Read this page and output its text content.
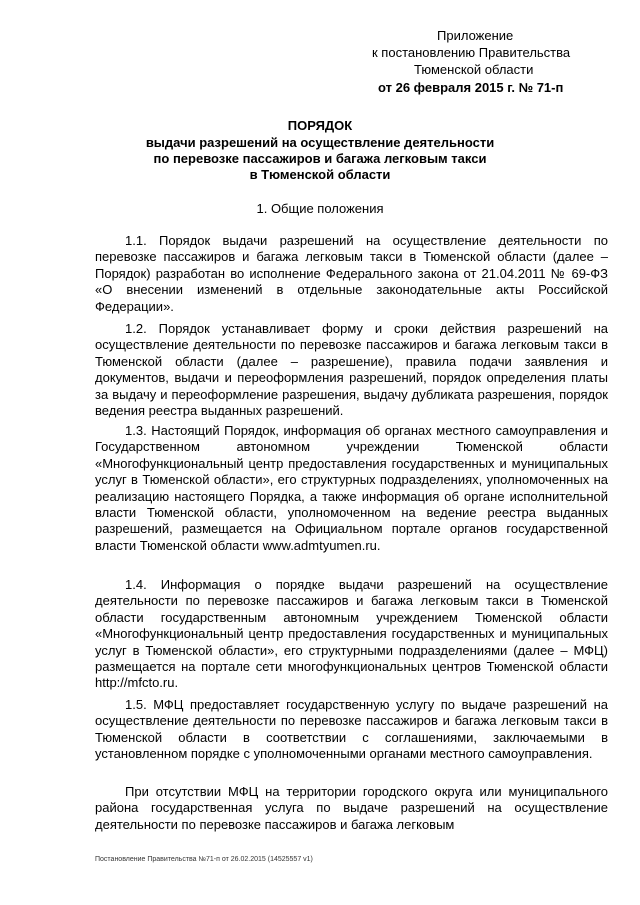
Приложение
к постановлению Правительства
Тюменской области
от 26 февраля 2015 г. № 71-п
ПОРЯДОК
выдачи разрешений на осуществление деятельности
по перевозке пассажиров и багажа легковым такси
в Тюменской области
1. Общие положения
1.1. Порядок выдачи разрешений на осуществление деятельности по перевозке пассажиров и багажа легковым такси в Тюменской области (далее – Порядок) разработан во исполнение Федерального закона от 21.04.2011 № 69-ФЗ «О внесении изменений в отдельные законодательные акты Российской Федерации».
1.2. Порядок устанавливает форму и сроки действия разрешений на осуществление деятельности по перевозке пассажиров и багажа легковым такси в Тюменской области (далее – разрешение), правила подачи заявления и документов, выдачи и переоформления разрешений, порядок определения платы за выдачу и переоформление разрешения, выдачу дубликата разрешения, порядок ведения реестра выданных разрешений.
1.3. Настоящий Порядок, информация об органах местного самоуправления и Государственном автономном учреждении Тюменской области «Многофункциональный центр предоставления государственных и муниципальных услуг в Тюменской области», его структурных подразделениях, уполномоченных на реализацию настоящего Порядка, а также информация об органе исполнительной власти Тюменской области, уполномоченном на ведение реестра выданных разрешений, размещается на Официальном портале органов государственной власти Тюменской области www.admtyumen.ru.
1.4. Информация о порядке выдачи разрешений на осуществление деятельности по перевозке пассажиров и багажа легковым такси в Тюменской области государственным автономным учреждением Тюменской области «Многофункциональный центр предоставления государственных и муниципальных услуг в Тюменской области», его структурными подразделениями (далее – МФЦ) размещается на портале сети многофункциональных центров Тюменской области http://mfcto.ru.
1.5. МФЦ предоставляет государственную услугу по выдаче разрешений на осуществление деятельности по перевозке пассажиров и багажа легковым такси в Тюменской области в соответствии с соглашениями, заключаемыми в установленном порядке с уполномоченными органами местного самоуправления.
При отсутствии МФЦ на территории городского округа или муниципального района государственная услуга по выдаче разрешений на осуществление деятельности по перевозке пассажиров и багажа легковым
Постановление Правительства №71-п от 26.02.2015 (14525557 v1)
